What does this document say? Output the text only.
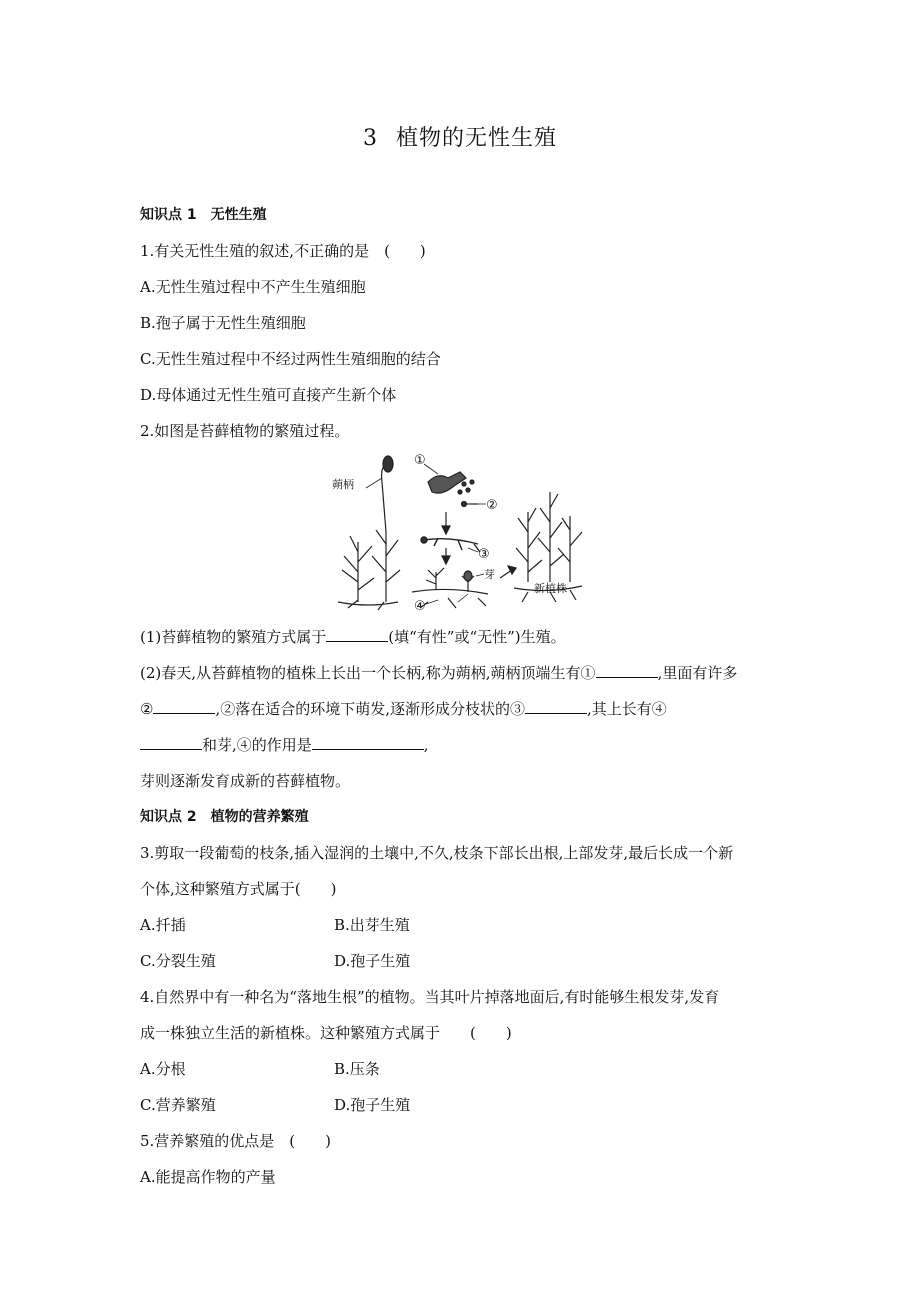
3 植物的无性生殖
知识点 1 无性生殖
1.有关无性生殖的叙述,不正确的是　(　　)
A.无性生殖过程中不产生生殖细胞
B.孢子属于无性生殖细胞
C.无性生殖过程中不经过两性生殖细胞的结合
D.母体通过无性生殖可直接产生新个体
2.如图是苔藓植物的繁殖过程。
蒴柄
①
②
③
④
芽
新植株
(1)苔藓植物的繁殖方式属于	(填“有性”或“无性”)生殖。
(2)春天,从苔藓植物的植株上长出一个长柄,称为蒴柄,蒴柄顶端生有①	,里面有许多
②	,②落在适合的环境下萌发,逐渐形成分枝状的③	,其上长有④
和芽,④的作用是	,
芽则逐渐发育成新的苔藓植物。
知识点 2 植物的营养繁殖
3.剪取一段葡萄的枝条,插入湿润的土壤中,不久,枝条下部长出根,上部发芽,最后长成一个新
个体,这种繁殖方式属于(　　)
A.扦插	B.出芽生殖
C.分裂生殖	D.孢子生殖
4.自然界中有一种名为“落地生根”的植物。当其叶片掉落地面后,有时能够生根发芽,发育
成一株独立生活的新植株。这种繁殖方式属于　　(　　)
A.分根	B.压条
C.营养繁殖	D.孢子生殖
5.营养繁殖的优点是　(　　)
A.能提高作物的产量
